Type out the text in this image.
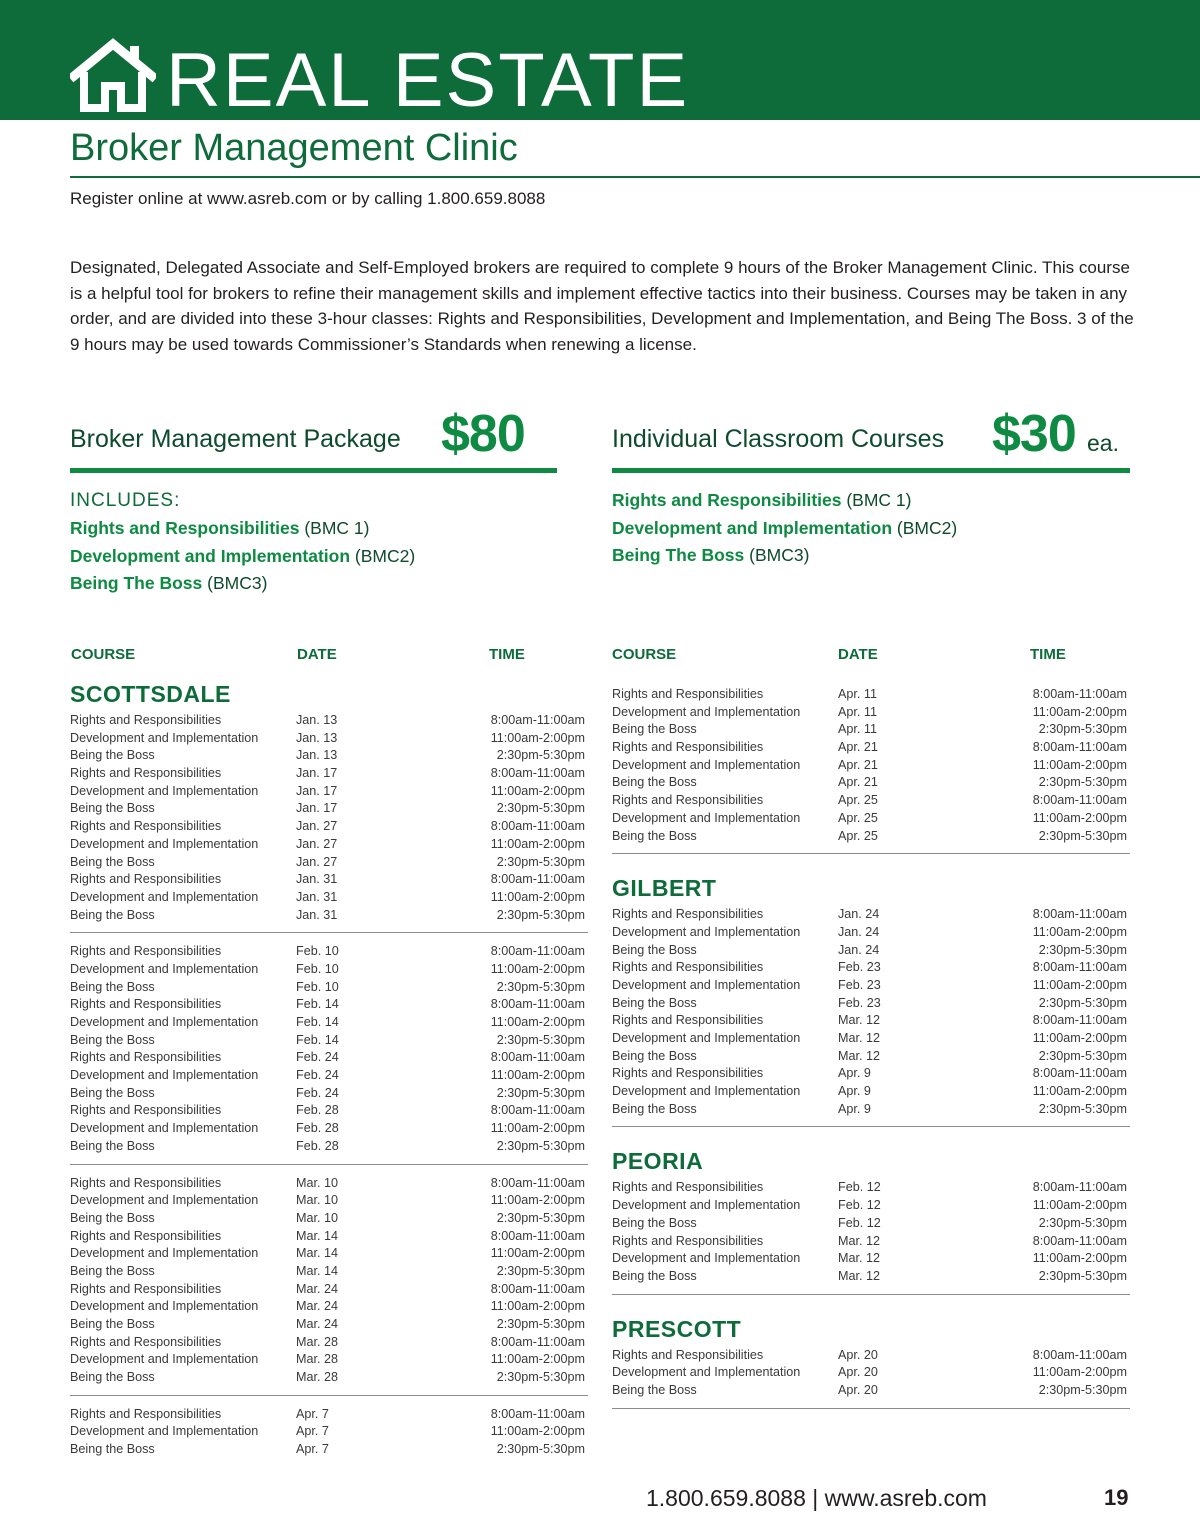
REAL ESTATE
Broker Management Clinic
Register online at www.asreb.com or by calling 1.800.659.8088

Designated, Delegated Associate and Self-Employed brokers are required to complete 9 hours of the Broker Management Clinic. This course is a helpful tool for brokers to refine their management skills and implement effective tactics into their business. Courses may be taken in any order, and are divided into these 3-hour classes: Rights and Responsibilities, Development and Implementation, and Being The Boss. 3 of the 9 hours may be used towards Commissioner’s Standards when renewing a license.

Broker Management Package $80
INCLUDES:
Rights and Responsibilities (BMC 1)
Development and Implementation (BMC2)
Being The Boss (BMC3)
Individual Classroom Courses $30 ea.
Rights and Responsibilities (BMC 1)
Development and Implementation (BMC2)
Being The Boss (BMC3)
COURSE	DATE	TIME	COURSE	DATE	TIME
SCOTTSDALE
Rights and Responsibilities	Jan. 13	8:00am-11:00am
Development and Implementation	Jan. 13	11:00am-2:00pm
Being the Boss	Jan. 13	2:30pm-5:30pm
Rights and Responsibilities	Jan. 17	8:00am-11:00am
Development and Implementation	Jan. 17	11:00am-2:00pm
Being the Boss	Jan. 17	2:30pm-5:30pm
Rights and Responsibilities	Jan. 27	8:00am-11:00am
Development and Implementation	Jan. 27	11:00am-2:00pm
Being the Boss	Jan. 27	2:30pm-5:30pm
Rights and Responsibilities	Jan. 31	8:00am-11:00am
Development and Implementation	Jan. 31	11:00am-2:00pm
Being the Boss	Jan. 31	2:30pm-5:30pm
Rights and Responsibilities	Feb. 10	8:00am-11:00am
Development and Implementation	Feb. 10	11:00am-2:00pm
Being the Boss	Feb. 10	2:30pm-5:30pm
Rights and Responsibilities	Feb. 14	8:00am-11:00am
Development and Implementation	Feb. 14	11:00am-2:00pm
Being the Boss	Feb. 14	2:30pm-5:30pm
Rights and Responsibilities	Feb. 24	8:00am-11:00am
Development and Implementation	Feb. 24	11:00am-2:00pm
Being the Boss	Feb. 24	2:30pm-5:30pm
Rights and Responsibilities	Feb. 28	8:00am-11:00am
Development and Implementation	Feb. 28	11:00am-2:00pm
Being the Boss	Feb. 28	2:30pm-5:30pm
Rights and Responsibilities	Mar. 10	8:00am-11:00am
Development and Implementation	Mar. 10	11:00am-2:00pm
Being the Boss	Mar. 10	2:30pm-5:30pm
Rights and Responsibilities	Mar. 14	8:00am-11:00am
Development and Implementation	Mar. 14	11:00am-2:00pm
Being the Boss	Mar. 14	2:30pm-5:30pm
Rights and Responsibilities	Mar. 24	8:00am-11:00am
Development and Implementation	Mar. 24	11:00am-2:00pm
Being the Boss	Mar. 24	2:30pm-5:30pm
Rights and Responsibilities	Mar. 28	8:00am-11:00am
Development and Implementation	Mar. 28	11:00am-2:00pm
Being the Boss	Mar. 28	2:30pm-5:30pm
Rights and Responsibilities	Apr. 7	8:00am-11:00am
Development and Implementation	Apr. 7	11:00am-2:00pm
Being the Boss	Apr. 7	2:30pm-5:30pm
Rights and Responsibilities	Apr. 11	8:00am-11:00am
Development and Implementation	Apr. 11	11:00am-2:00pm
Being the Boss	Apr. 11	2:30pm-5:30pm
Rights and Responsibilities	Apr. 21	8:00am-11:00am
Development and Implementation	Apr. 21	11:00am-2:00pm
Being the Boss	Apr. 21	2:30pm-5:30pm
Rights and Responsibilities	Apr. 25	8:00am-11:00am
Development and Implementation	Apr. 25	11:00am-2:00pm
Being the Boss	Apr. 25	2:30pm-5:30pm
GILBERT
Rights and Responsibilities	Jan. 24	8:00am-11:00am
Development and Implementation	Jan. 24	11:00am-2:00pm
Being the Boss	Jan. 24	2:30pm-5:30pm
Rights and Responsibilities	Feb. 23	8:00am-11:00am
Development and Implementation	Feb. 23	11:00am-2:00pm
Being the Boss	Feb. 23	2:30pm-5:30pm
Rights and Responsibilities	Mar. 12	8:00am-11:00am
Development and Implementation	Mar. 12	11:00am-2:00pm
Being the Boss	Mar. 12	2:30pm-5:30pm
Rights and Responsibilities	Apr. 9	8:00am-11:00am
Development and Implementation	Apr. 9	11:00am-2:00pm
Being the Boss	Apr. 9	2:30pm-5:30pm
PEORIA
Rights and Responsibilities	Feb. 12	8:00am-11:00am
Development and Implementation	Feb. 12	11:00am-2:00pm
Being the Boss	Feb. 12	2:30pm-5:30pm
Rights and Responsibilities	Mar. 12	8:00am-11:00am
Development and Implementation	Mar. 12	11:00am-2:00pm
Being the Boss	Mar. 12	2:30pm-5:30pm
PRESCOTT
Rights and Responsibilities	Apr. 20	8:00am-11:00am
Development and Implementation	Apr. 20	11:00am-2:00pm
Being the Boss	Apr. 20	2:30pm-5:30pm
1.800.659.8088 | www.asreb.com	19
